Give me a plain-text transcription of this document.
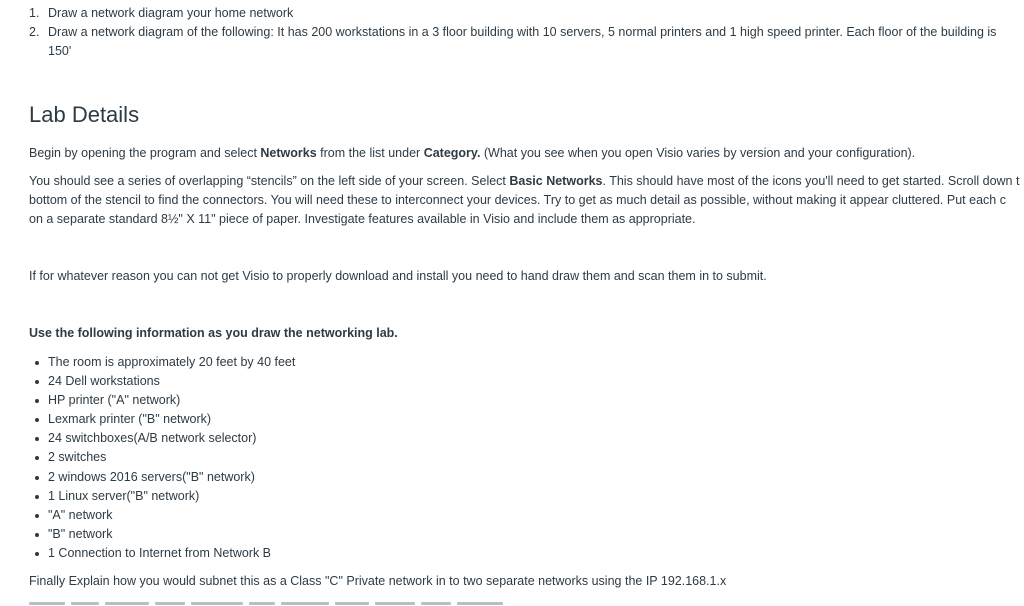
1. Draw a network diagram your home network
2. Draw a network diagram of the following: It has 200 workstations in a 3 floor building with 10 servers, 5 normal printers and 1 high speed printer. Each floor of the building is
150'
Lab Details
Begin by opening the program and select Networks from the list under Category. (What you see when you open Visio varies by version and your configuration).
You should see a series of overlapping “stencils” on the left side of your screen. Select Basic Networks. This should have most of the icons you'll need to get started. Scroll down t
bottom of the stencil to find the connectors. You will need these to interconnect your devices. Try to get as much detail as possible, without making it appear cluttered. Put each c
on a separate standard 8½" X 11" piece of paper. Investigate features available in Visio and include them as appropriate.
If for whatever reason you can not get Visio to properly download and install you need to hand draw them and scan them in to submit.
Use the following information as you draw the networking lab.
The room is approximately 20 feet by 40 feet
24 Dell workstations
HP printer ("A" network)
Lexmark printer ("B" network)
24 switchboxes(A/B network selector)
2 switches
2 windows 2016 servers("B" network)
1 Linux server("B" network)
"A" network
"B" network
1 Connection to Internet from Network B
Finally Explain how you would subnet this as a Class "C" Private network in to two separate networks using the IP 192.168.1.x
